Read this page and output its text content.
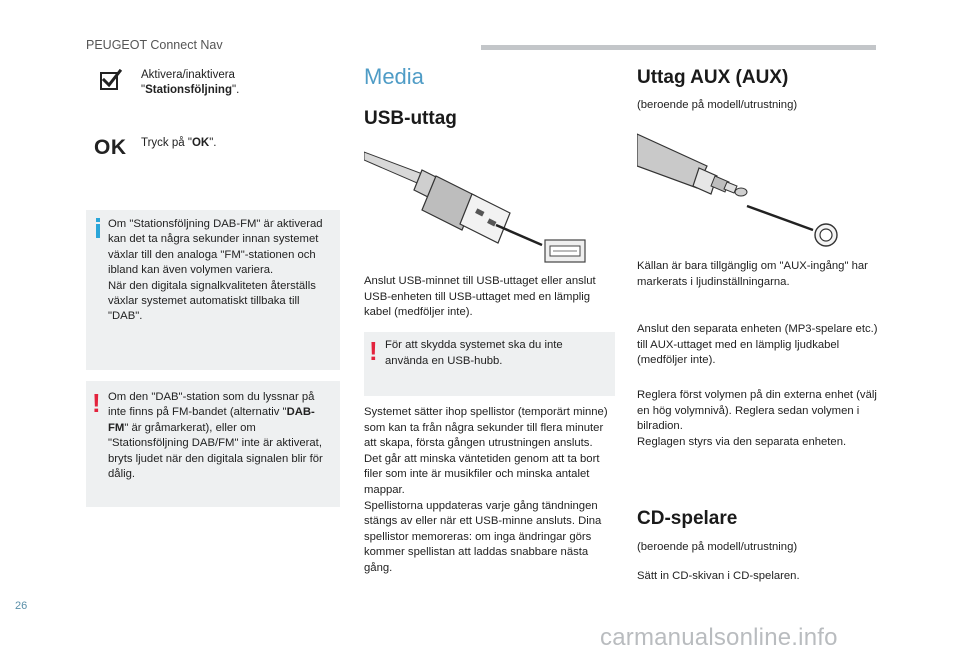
PEUGEOT Connect Nav
Aktivera/inaktivera "Stationsföljning".
OK Tryck på "OK".
Om "Stationsföljning DAB-FM" är aktiverad kan det ta några sekunder innan systemet växlar till den analoga "FM"-stationen och ibland kan även volymen variera.
När den digitala signalkvaliteten återställs växlar systemet automatiskt tillbaka till "DAB".
! Om den "DAB"-station som du lyssnar på inte finns på FM-bandet (alternativ "DAB-FM" är gråmarkerat), eller om "Stationsföljning DAB/FM" inte är aktiverat, bryts ljudet när den digitala signalen blir för dålig.
Media
USB-uttag
Anslut USB-minnet till USB-uttaget eller anslut USB-enheten till USB-uttaget med en lämplig kabel (medföljer inte).
! För att skydda systemet ska du inte använda en USB-hubb.
Systemet sätter ihop spellistor (temporärt minne) som kan ta från några sekunder till flera minuter att skapa, första gången utrustningen ansluts.
Det går att minska väntetiden genom att ta bort filer som inte är musikfiler och minska antalet mappar.
Spellistorna uppdateras varje gång tändningen stängs av eller när ett USB-minne ansluts. Dina spellistor memoreras: om inga ändringar görs kommer spellistan att laddas snabbare nästa gång.
Uttag AUX (AUX)
(beroende på modell/utrustning)
Källan är bara tillgänglig om "AUX-ingång" har markerats i ljudinställningarna.
Anslut den separata enheten (MP3-spelare etc.) till AUX-uttaget med en lämplig ljudkabel (medföljer inte).
Reglera först volymen på din externa enhet (välj en hög volymnivå). Reglera sedan volymen i bilradion.
Reglagen styrs via den separata enheten.
CD-spelare
(beroende på modell/utrustning)
Sätt in CD-skivan i CD-spelaren.
26
carmanualsonline.info
